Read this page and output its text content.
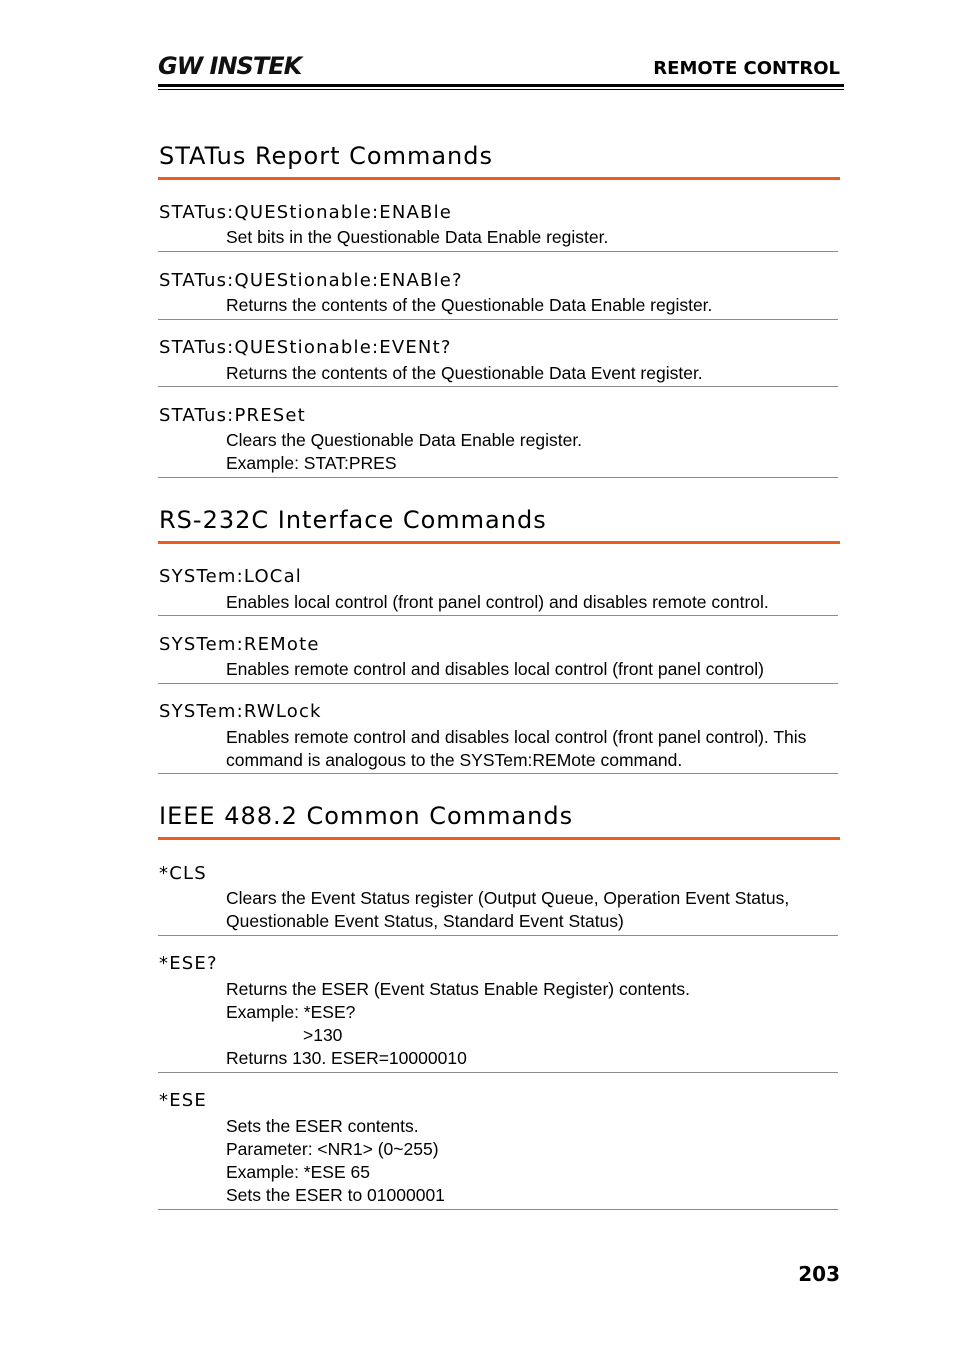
GW INSTEK	REMOTE CONTROL
STATus Report Commands
STATus:QUEStionable:ENABle
Set bits in the Questionable Data Enable register.
STATus:QUEStionable:ENABle?
Returns the contents of the Questionable Data Enable register.
STATus:QUEStionable:EVENt?
Returns the contents of the Questionable Data Event register.
STATus:PRESet
Clears the Questionable Data Enable register.
Example: STAT:PRES
RS-232C Interface Commands
SYSTem:LOCal
Enables local control (front panel control) and disables remote control.
SYSTem:REMote
Enables remote control and disables local control (front panel control)
SYSTem:RWLock
Enables remote control and disables local control (front panel control). This
command is analogous to the SYSTem:REMote command.
IEEE 488.2 Common Commands
*CLS
Clears the Event Status register (Output Queue, Operation Event Status,
Questionable Event Status, Standard Event Status)
*ESE?
Returns the ESER (Event Status Enable Register) contents.
Example: *ESE?
>130
Returns 130. ESER=10000010
*ESE
Sets the ESER contents.
Parameter: <NR1> (0~255)
Example: *ESE 65
Sets the ESER to 01000001
203
